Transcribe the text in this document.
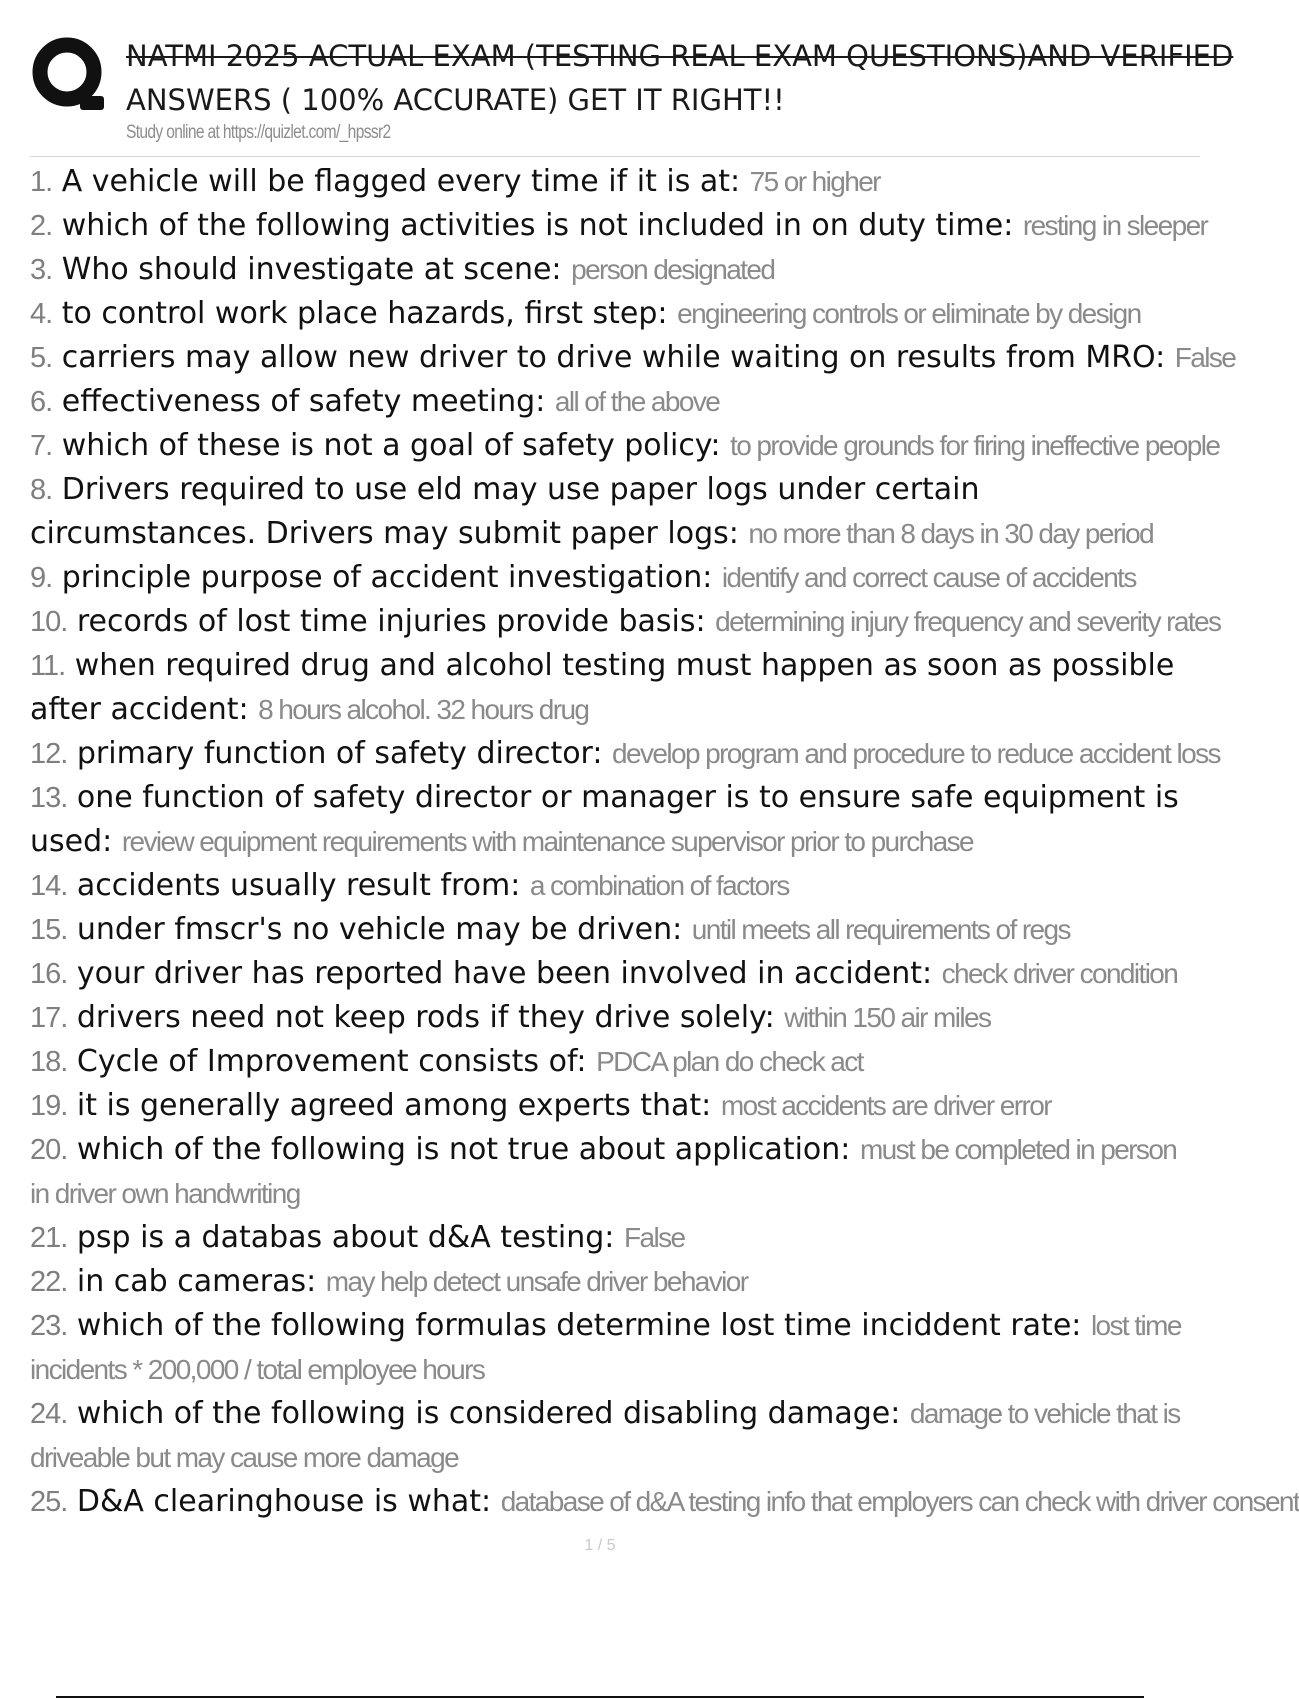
NATMI 2025 ACTUAL EXAM (TESTING REAL EXAM QUESTIONS)AND VERIFIED
ANSWERS ( 100% ACCURATE) GET IT RIGHT!!
Study online at https://quizlet.com/_hpssr2
1. A vehicle will be flagged every time if it is at: 75 or higher
2. which of the following activities is not included in on duty time: resting in sleeper
3. Who should investigate at scene: person designated
4. to control work place hazards, first step: engineering controls or eliminate by design
5. carriers may allow new driver to drive while waiting on results from MRO: False
6. effectiveness of safety meeting: all of the above
7. which of these is not a goal of safety policy: to provide grounds for firing ineffective people
8. Drivers required to use eld may use paper logs under certain circumstances. Drivers may submit paper logs: no more than 8 days in 30 day period
9. principle purpose of accident investigation: identify and correct cause of accidents
10. records of lost time injuries provide basis: determining injury frequency and severity rates
11. when required drug and alcohol testing must happen as soon as possible after accident: 8 hours alcohol. 32 hours drug
12. primary function of safety director: develop program and procedure to reduce accident loss
13. one function of safety director or manager is to ensure safe equipment is used: review equipment requirements with maintenance supervisor prior to purchase
14. accidents usually result from: a combination of factors
15. under fmscr's no vehicle may be driven: until meets all requirements of regs
16. your driver has reported have been involved in accident: check driver condition
17. drivers need not keep rods if they drive solely: within 150 air miles
18. Cycle of Improvement consists of: PDCA plan do check act
19. it is generally agreed among experts that: most accidents are driver error
20. which of the following is not true about application: must be completed in person in driver own handwriting
21. psp is a databas about d&A testing: False
22. in cab cameras: may help detect unsafe driver behavior
23. which of the following formulas determine lost time inciddent rate: lost time incidents * 200,000 / total employee hours
24. which of the following is considered disabling damage: damage to vehicle that is driveable but may cause more damage
25. D&A clearinghouse is what: database of d&A testing info that employers can check with driver consent
1 / 5
